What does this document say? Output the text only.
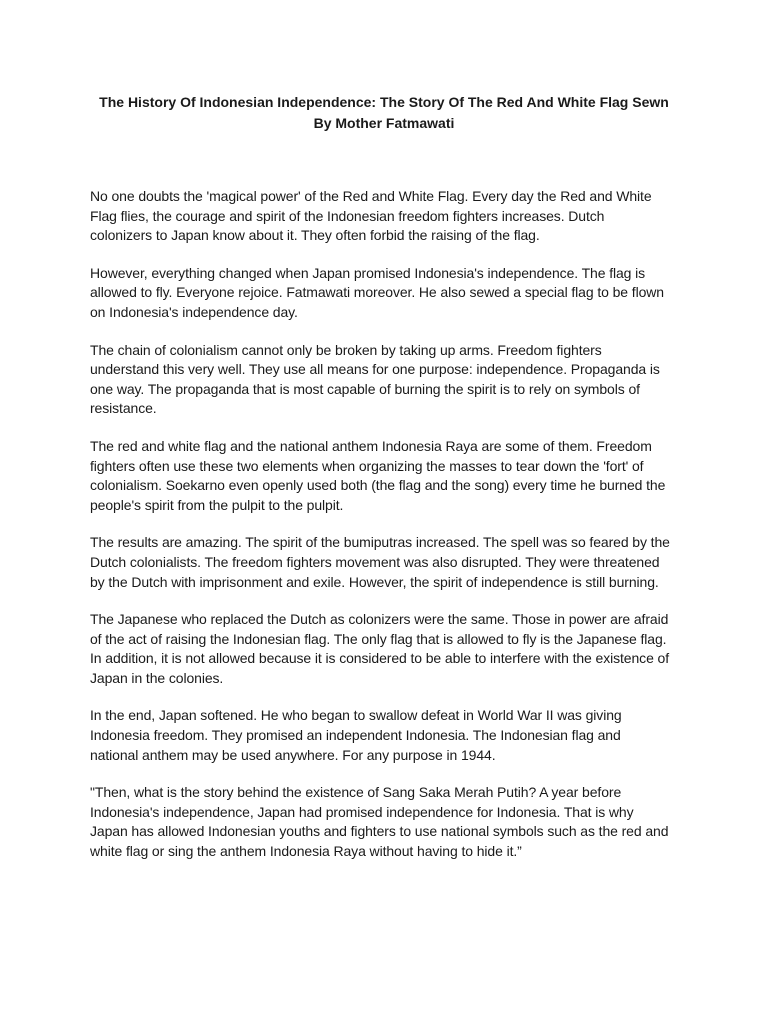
The History Of Indonesian Independence: The Story Of The Red And White Flag Sewn By Mother Fatmawati

No one doubts the 'magical power' of the Red and White Flag. Every day the Red and White Flag flies, the courage and spirit of the Indonesian freedom fighters increases. Dutch colonizers to Japan know about it. They often forbid the raising of the flag.

However, everything changed when Japan promised Indonesia's independence. The flag is allowed to fly. Everyone rejoice. Fatmawati moreover. He also sewed a special flag to be flown on Indonesia's independence day.

The chain of colonialism cannot only be broken by taking up arms. Freedom fighters understand this very well. They use all means for one purpose: independence. Propaganda is one way. The propaganda that is most capable of burning the spirit is to rely on symbols of resistance.

The red and white flag and the national anthem Indonesia Raya are some of them. Freedom fighters often use these two elements when organizing the masses to tear down the 'fort' of colonialism. Soekarno even openly used both (the flag and the song) every time he burned the people's spirit from the pulpit to the pulpit.

The results are amazing. The spirit of the bumiputras increased. The spell was so feared by the Dutch colonialists. The freedom fighters movement was also disrupted. They were threatened by the Dutch with imprisonment and exile. However, the spirit of independence is still burning.

The Japanese who replaced the Dutch as colonizers were the same. Those in power are afraid of the act of raising the Indonesian flag. The only flag that is allowed to fly is the Japanese flag. In addition, it is not allowed because it is considered to be able to interfere with the existence of Japan in the colonies.

In the end, Japan softened. He who began to swallow defeat in World War II was giving Indonesia freedom. They promised an independent Indonesia. The Indonesian flag and national anthem may be used anywhere. For any purpose in 1944.

"Then, what is the story behind the existence of Sang Saka Merah Putih? A year before Indonesia's independence, Japan had promised independence for Indonesia. That is why Japan has allowed Indonesian youths and fighters to use national symbols such as the red and white flag or sing the anthem Indonesia Raya without having to hide it.”
